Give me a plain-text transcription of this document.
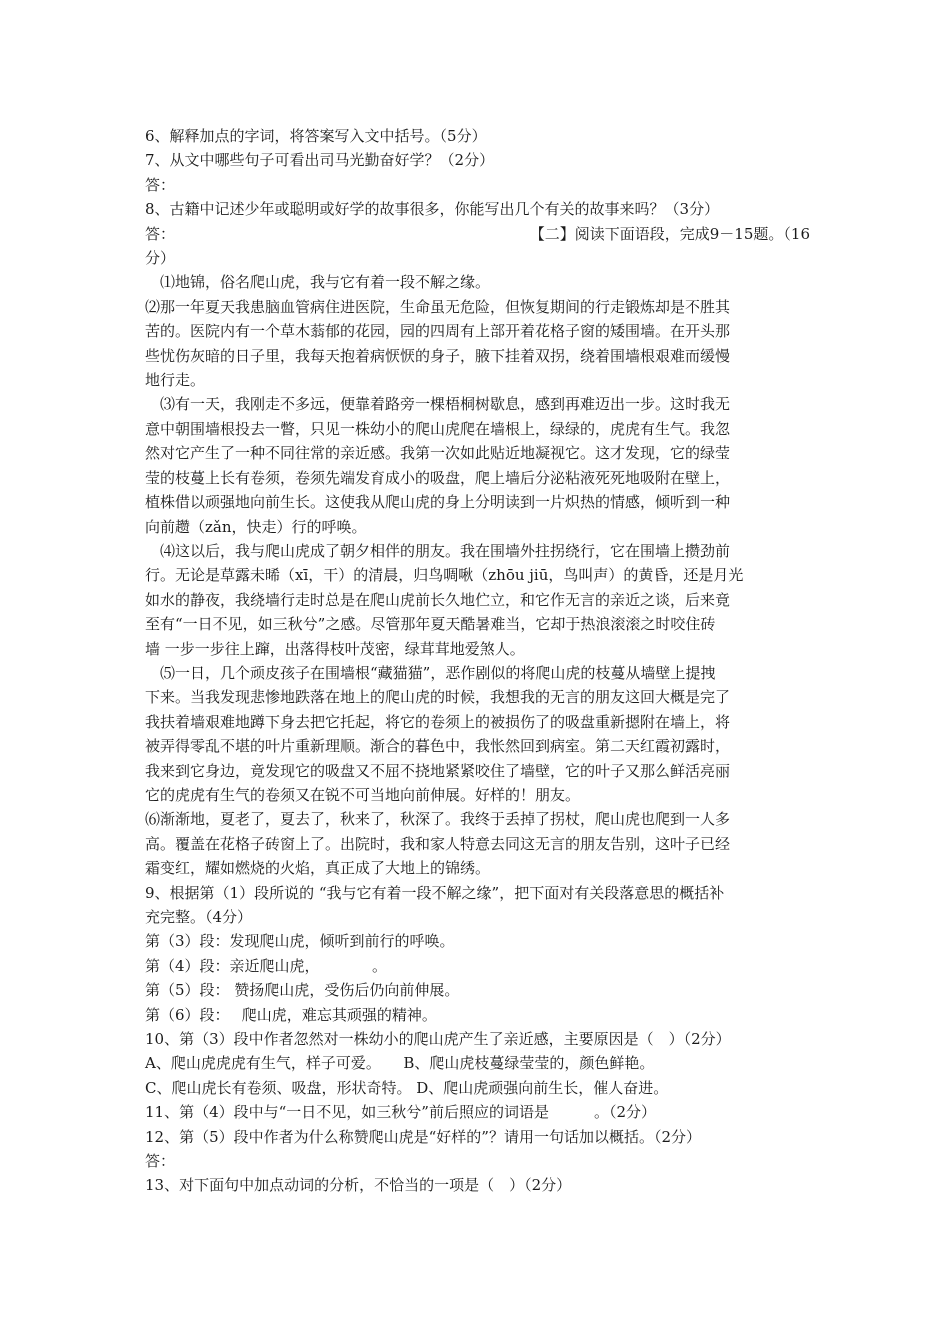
6、解释加点的字词，将答案写入文中括号。（5分）

7、从文中哪些句子可看出司马光勤奋好学？（2分）

答：

8、古籍中记述少年或聪明或好学的故事很多，你能写出几个有关的故事来吗？（3分）

答：	【二】阅读下面语段，完成9－15题。（16

分）

⑴地锦，俗名爬山虎，我与它有着一段不解之缘。

⑵那一年夏天我患脑血管病住进医院，生命虽无危险，但恢复期间的行走锻炼却是不胜其

苦的。医院内有一个草木蓊郁的花园，园的四周有上部开着花格子窗的矮围墙。在开头那

些忧伤灰暗的日子里，我每天抱着病恹恹的身子，腋下挂着双拐，绕着围墙根艰难而缓慢

地行走。

⑶有一天，我刚走不多远，便靠着路旁一棵梧桐树歇息，感到再难迈出一步。这时我无

意中朝围墙根投去一瞥，只见一株幼小的爬山虎爬在墙根上，绿绿的，虎虎有生气。我忽

然对它产生了一种不同往常的亲近感。我第一次如此贴近地凝视它。这才发现，它的绿莹

莹的枝蔓上长有卷须，卷须先端发育成小的吸盘，爬上墙后分泌粘液死死地吸附在壁上，

植株借以顽强地向前生长。这使我从爬山虎的身上分明读到一片炽热的情感，倾听到一种

向前趱（zǎn，快走）行的呼唤。

⑷这以后，我与爬山虎成了朝夕相伴的朋友。我在围墙外拄拐绕行，它在围墙上攒劲前

行。无论是草露未晞（xī，干）的清晨，归鸟啁啾（zhōu jiū，鸟叫声）的黄昏，还是月光

如水的静夜，我绕墙行走时总是在爬山虎前长久地伫立，和它作无言的亲近之谈，后来竟

至有“一日不见，如三秋兮”之感。尽管那年夏天酷暑难当，它却于热浪滚滚之时咬住砖

墙 一步一步往上蹿，出落得枝叶茂密，绿茸茸地爱煞人。

⑸一日，几个顽皮孩子在围墙根“藏猫猫”，恶作剧似的将爬山虎的枝蔓从墙壁上提拽

下来。当我发现悲惨地跌落在地上的爬山虎的时候，我想我的无言的朋友这回大概是完了

我扶着墙艰难地蹲下身去把它托起，将它的卷须上的被损伤了的吸盘重新摁附在墙上，将

被弄得零乱不堪的叶片重新理顺。渐合的暮色中，我怅然回到病室。第二天红霞初露时，

我来到它身边，竟发现它的吸盘又不屈不挠地紧紧咬住了墙壁，它的叶子又那么鲜活亮丽

它的虎虎有生气的卷须又在锐不可当地向前伸展。好样的！朋友。

⑹渐渐地，夏老了，夏去了，秋来了，秋深了。我终于丢掉了拐杖，爬山虎也爬到一人多

高。覆盖在花格子砖窗上了。出院时，我和家人特意去同这无言的朋友告别，这叶子已经

霜变红，耀如燃烧的火焰，真正成了大地上的锦绣。

9、根据第（1）段所说的 “我与它有着一段不解之缘”，把下面对有关段落意思的概括补

充完整。（4分）

第（3）段：发现爬山虎，倾听到前行的呼唤。

第（4）段：亲近爬山虎，　　　　。

第（5）段： 赞扬爬山虎，受伤后仍向前伸展。

第（6）段：　 爬山虎，难忘其顽强的精神。

10、第（3）段中作者忽然对一株幼小的爬山虎产生了亲近感，主要原因是（　）（2分）

A、爬山虎虎虎有生气，样子可爱。　　B、爬山虎枝蔓绿莹莹的，颜色鲜艳。

C、爬山虎长有卷须、吸盘，形状奇特。 D、爬山虎顽强向前生长，催人奋进。

11、第（4）段中与“一日不见，如三秋兮”前后照应的词语是　　　。（2分）

12、第（5）段中作者为什么称赞爬山虎是“好样的”？请用一句话加以概括。（2分）

答：

13、对下面句中加点动词的分析，不恰当的一项是（　）（2分）
